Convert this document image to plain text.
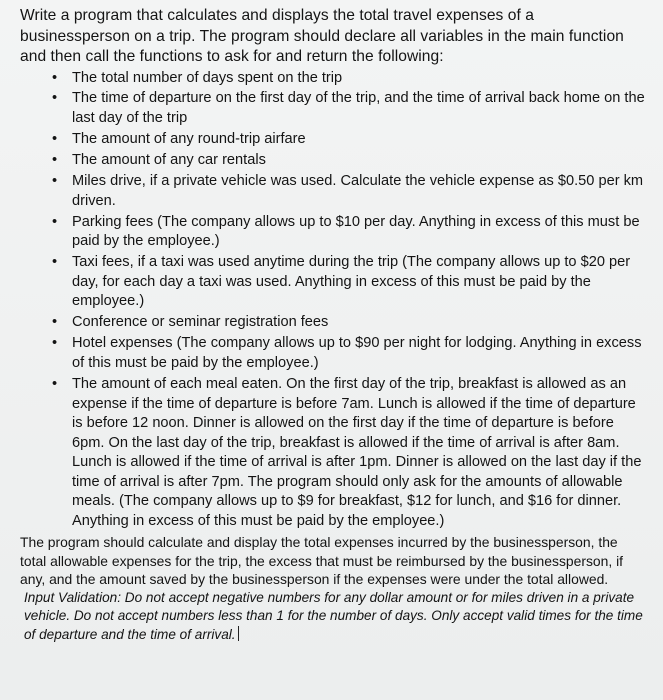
Write a program that calculates and displays the total travel expenses of a businessperson on a trip. The program should declare all variables in the main function and then call the functions to ask for and return the following:

• The total number of days spent on the trip
• The time of departure on the first day of the trip, and the time of arrival back home on the last day of the trip
• The amount of any round-trip airfare
• The amount of any car rentals
• Miles drive, if a private vehicle was used. Calculate the vehicle expense as $0.50 per km driven.
• Parking fees (The company allows up to $10 per day. Anything in excess of this must be paid by the employee.)
• Taxi fees, if a taxi was used anytime during the trip (The company allows up to $20 per day, for each day a taxi was used. Anything in excess of this must be paid by the employee.)
• Conference or seminar registration fees
• Hotel expenses (The company allows up to $90 per night for lodging. Anything in excess of this must be paid by the employee.)
• The amount of each meal eaten. On the first day of the trip, breakfast is allowed as an expense if the time of departure is before 7am. Lunch is allowed if the time of departure is before 12 noon. Dinner is allowed on the first day if the time of departure is before 6pm. On the last day of the trip, breakfast is allowed if the time of arrival is after 8am. Lunch is allowed if the time of arrival is after 1pm. Dinner is allowed on the last day if the time of arrival is after 7pm. The program should only ask for the amounts of allowable meals. (The company allows up to $9 for breakfast, $12 for lunch, and $16 for dinner. Anything in excess of this must be paid by the employee.)

The program should calculate and display the total expenses incurred by the businessperson, the total allowable expenses for the trip, the excess that must be reimbursed by the businessperson, if any, and the amount saved by the businessperson if the expenses were under the total allowed.

Input Validation: Do not accept negative numbers for any dollar amount or for miles driven in a private vehicle. Do not accept numbers less than 1 for the number of days. Only accept valid times for the time of departure and the time of arrival.
